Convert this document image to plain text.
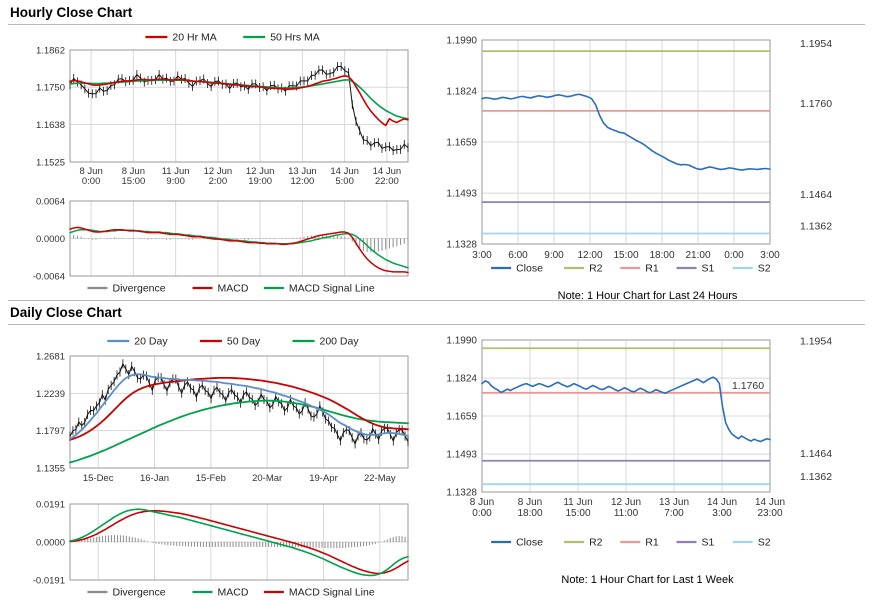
Hourly Close Chart
20 Hr MA	50 Hrs MA
1.1525
1.1638
1.1750
1.1862
8 Jun
0:00
8 Jun
15:00
11 Jun
9:00
12 Jun
2:00
12 Jun
19:00
13 Jun
12:00
14 Jun
5:00
14 Jun
22:00
-0.0064
0.0000
0.0064
Divergence	MACD	MACD Signal Line
1.1328
1.1493
1.1659
1.1824
1.1990
3:00 6:00 9:00 12:00 15:00 18:00 21:00 0:00 3:00
1.1954
1.1760
1.1464
1.1362
Close	R2	R1	S1	S2
Note: 1 Hour Chart for Last 24 Hours
Daily Close Chart
20 Day	50 Day	200 Day
1.1355
1.1797
1.2239
1.2681
15-Dec	16-Jan	15-Feb	20-Mar	19-Apr	22-May
-0.0191
0.0000
0.0191
Divergence	MACD	MACD Signal Line
1.1328
1.1493
1.1659
1.1824
1.1990
8 Jun
0:00
8 Jun
18:00
11 Jun
15:00
12 Jun
11:00
13 Jun
7:00
14 Jun
3:00
14 Jun
23:00
1.1954
1.1760
1.1464
1.1362
Close	R2	R1	S1	S2
Note: 1 Hour Chart for Last 1 Week
